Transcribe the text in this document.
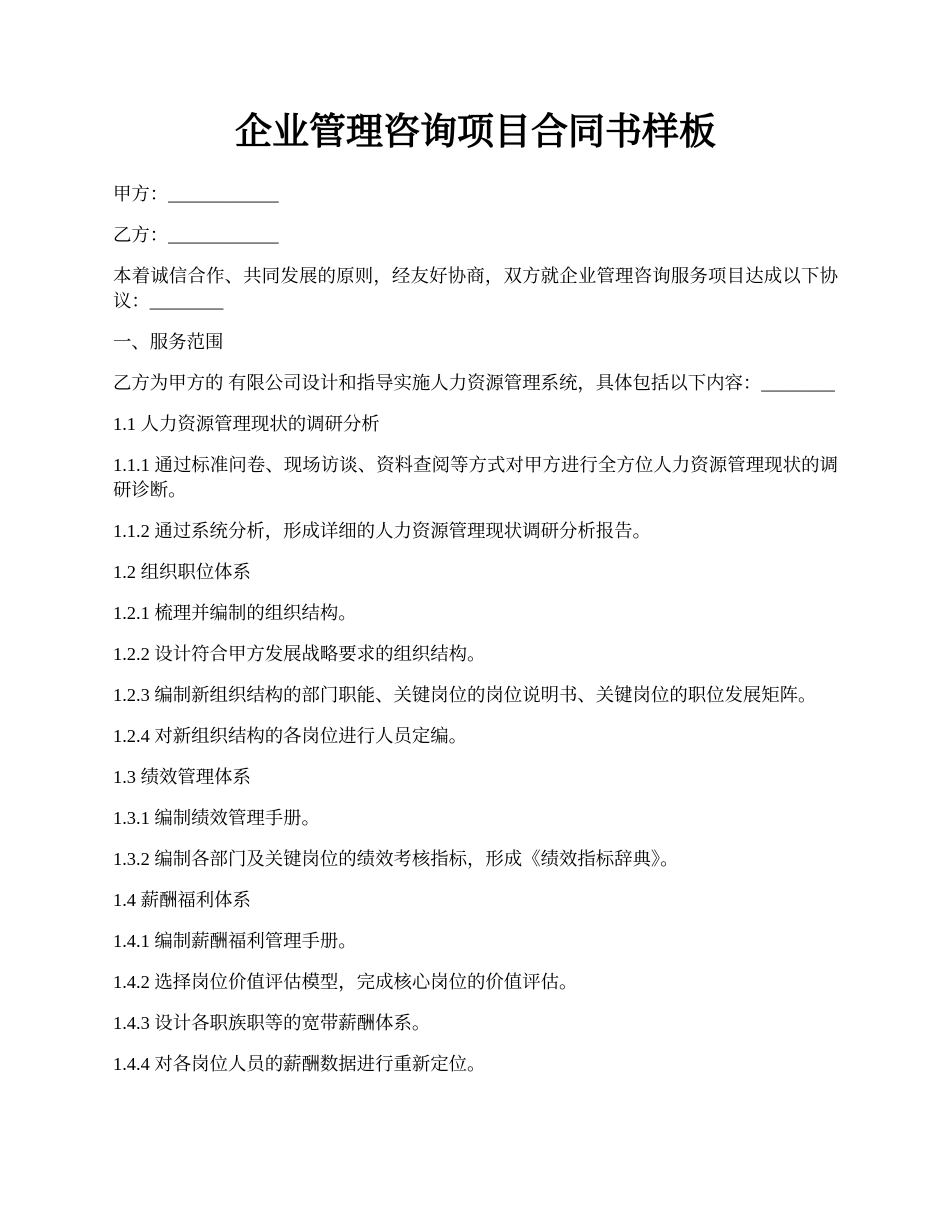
企业管理咨询项目合同书样板

甲方：____________

乙方：____________

本着诚信合作、共同发展的原则，经友好协商，双方就企业管理咨询服务项目达成以下协议：________

一、服务范围

乙方为甲方的 有限公司设计和指导实施人力资源管理系统，具体包括以下内容：____​____

1.1 人力资源管理现状的调研分析

1.1.1 通过标准问卷、现场访谈、资料查阅等方式对甲方进行全方位人力资源管理现状的调研诊断。

1.1.2 通过系统分析，形成详细的人力资源管理现状调研分析报告。

1.2 组织职位体系

1.2.1 梳理并编制的组织结构。

1.2.2 设计符合甲方发展战略要求的组织结构。

1.2.3 编制新组织结构的部门职能、关键岗位的岗位说明书、关键岗位的职位发展矩阵。

1.2.4 对新组织结构的各岗位进行人员定编。

1.3 绩效管理体系

1.3.1 编制绩效管理手册。

1.3.2 编制各部门及关键岗位的绩效考核指标，形成《绩效指标辞典》。

1.4 薪酬福利体系

1.4.1 编制薪酬福利管理手册。

1.4.2 选择岗位价值评估模型，完成核心岗位的价值评估。

1.4.3 设计各职族职等的宽带薪酬体系。

1.4.4 对各岗位人员的薪酬数据进行重新定位。
